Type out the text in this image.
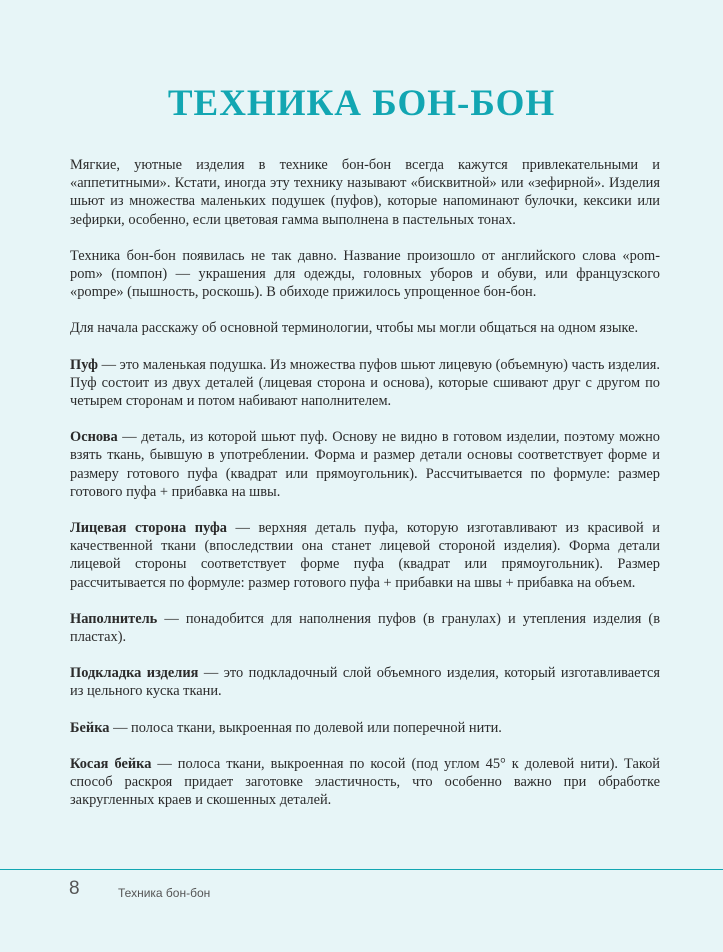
ТЕХНИКА БОН-БОН

Мягкие, уютные изделия в технике бон-бон всегда кажутся привлекательными и «аппетитными». Кстати, иногда эту технику называют «бисквитной» или «зефирной». Изделия шьют из множества маленьких подушек (пуфов), которые напоминают булочки, кексики или зефирки, особенно, если цветовая гамма выполнена в пастельных тонах.

Техника бон-бон появилась не так давно. Название произошло от английского слова «pom-pom» (помпон) — украшения для одежды, головных уборов и обуви, или французского «pompe» (пышность, роскошь). В обиходе прижилось упрощенное бон-бон.

Для начала расскажу об основной терминологии, чтобы мы могли общаться на одном языке.

Пуф — это маленькая подушка. Из множества пуфов шьют лицевую (объемную) часть изделия. Пуф состоит из двух деталей (лицевая сторона и основа), которые сшивают друг с другом по четырем сторонам и потом набивают наполнителем.

Основа — деталь, из которой шьют пуф. Основу не видно в готовом изделии, поэтому можно взять ткань, бывшую в употреблении. Форма и размер детали основы соответствует форме и размеру готового пуфа (квадрат или прямоугольник). Рассчитывается по формуле: размер готового пуфа + прибавка на швы.

Лицевая сторона пуфа — верхняя деталь пуфа, которую изготавливают из красивой и качественной ткани (впоследствии она станет лицевой стороной изделия). Форма детали лицевой стороны соответствует форме пуфа (квадрат или прямоугольник). Размер рассчитывается по формуле: размер готового пуфа + прибавки на швы + прибавка на объем.

Наполнитель — понадобится для наполнения пуфов (в гранулах) и утепления изделия (в пластах).

Подкладка изделия — это подкладочный слой объемного изделия, который изготавливается из цельного куска ткани.

Бейка — полоса ткани, выкроенная по долевой или поперечной нити.

Косая бейка — полоса ткани, выкроенная по косой (под углом 45° к долевой нити). Такой способ раскроя придает заготовке эластичность, что особенно важно при обработке закругленных краев и скошенных деталей.

8	Техника бон-бон
